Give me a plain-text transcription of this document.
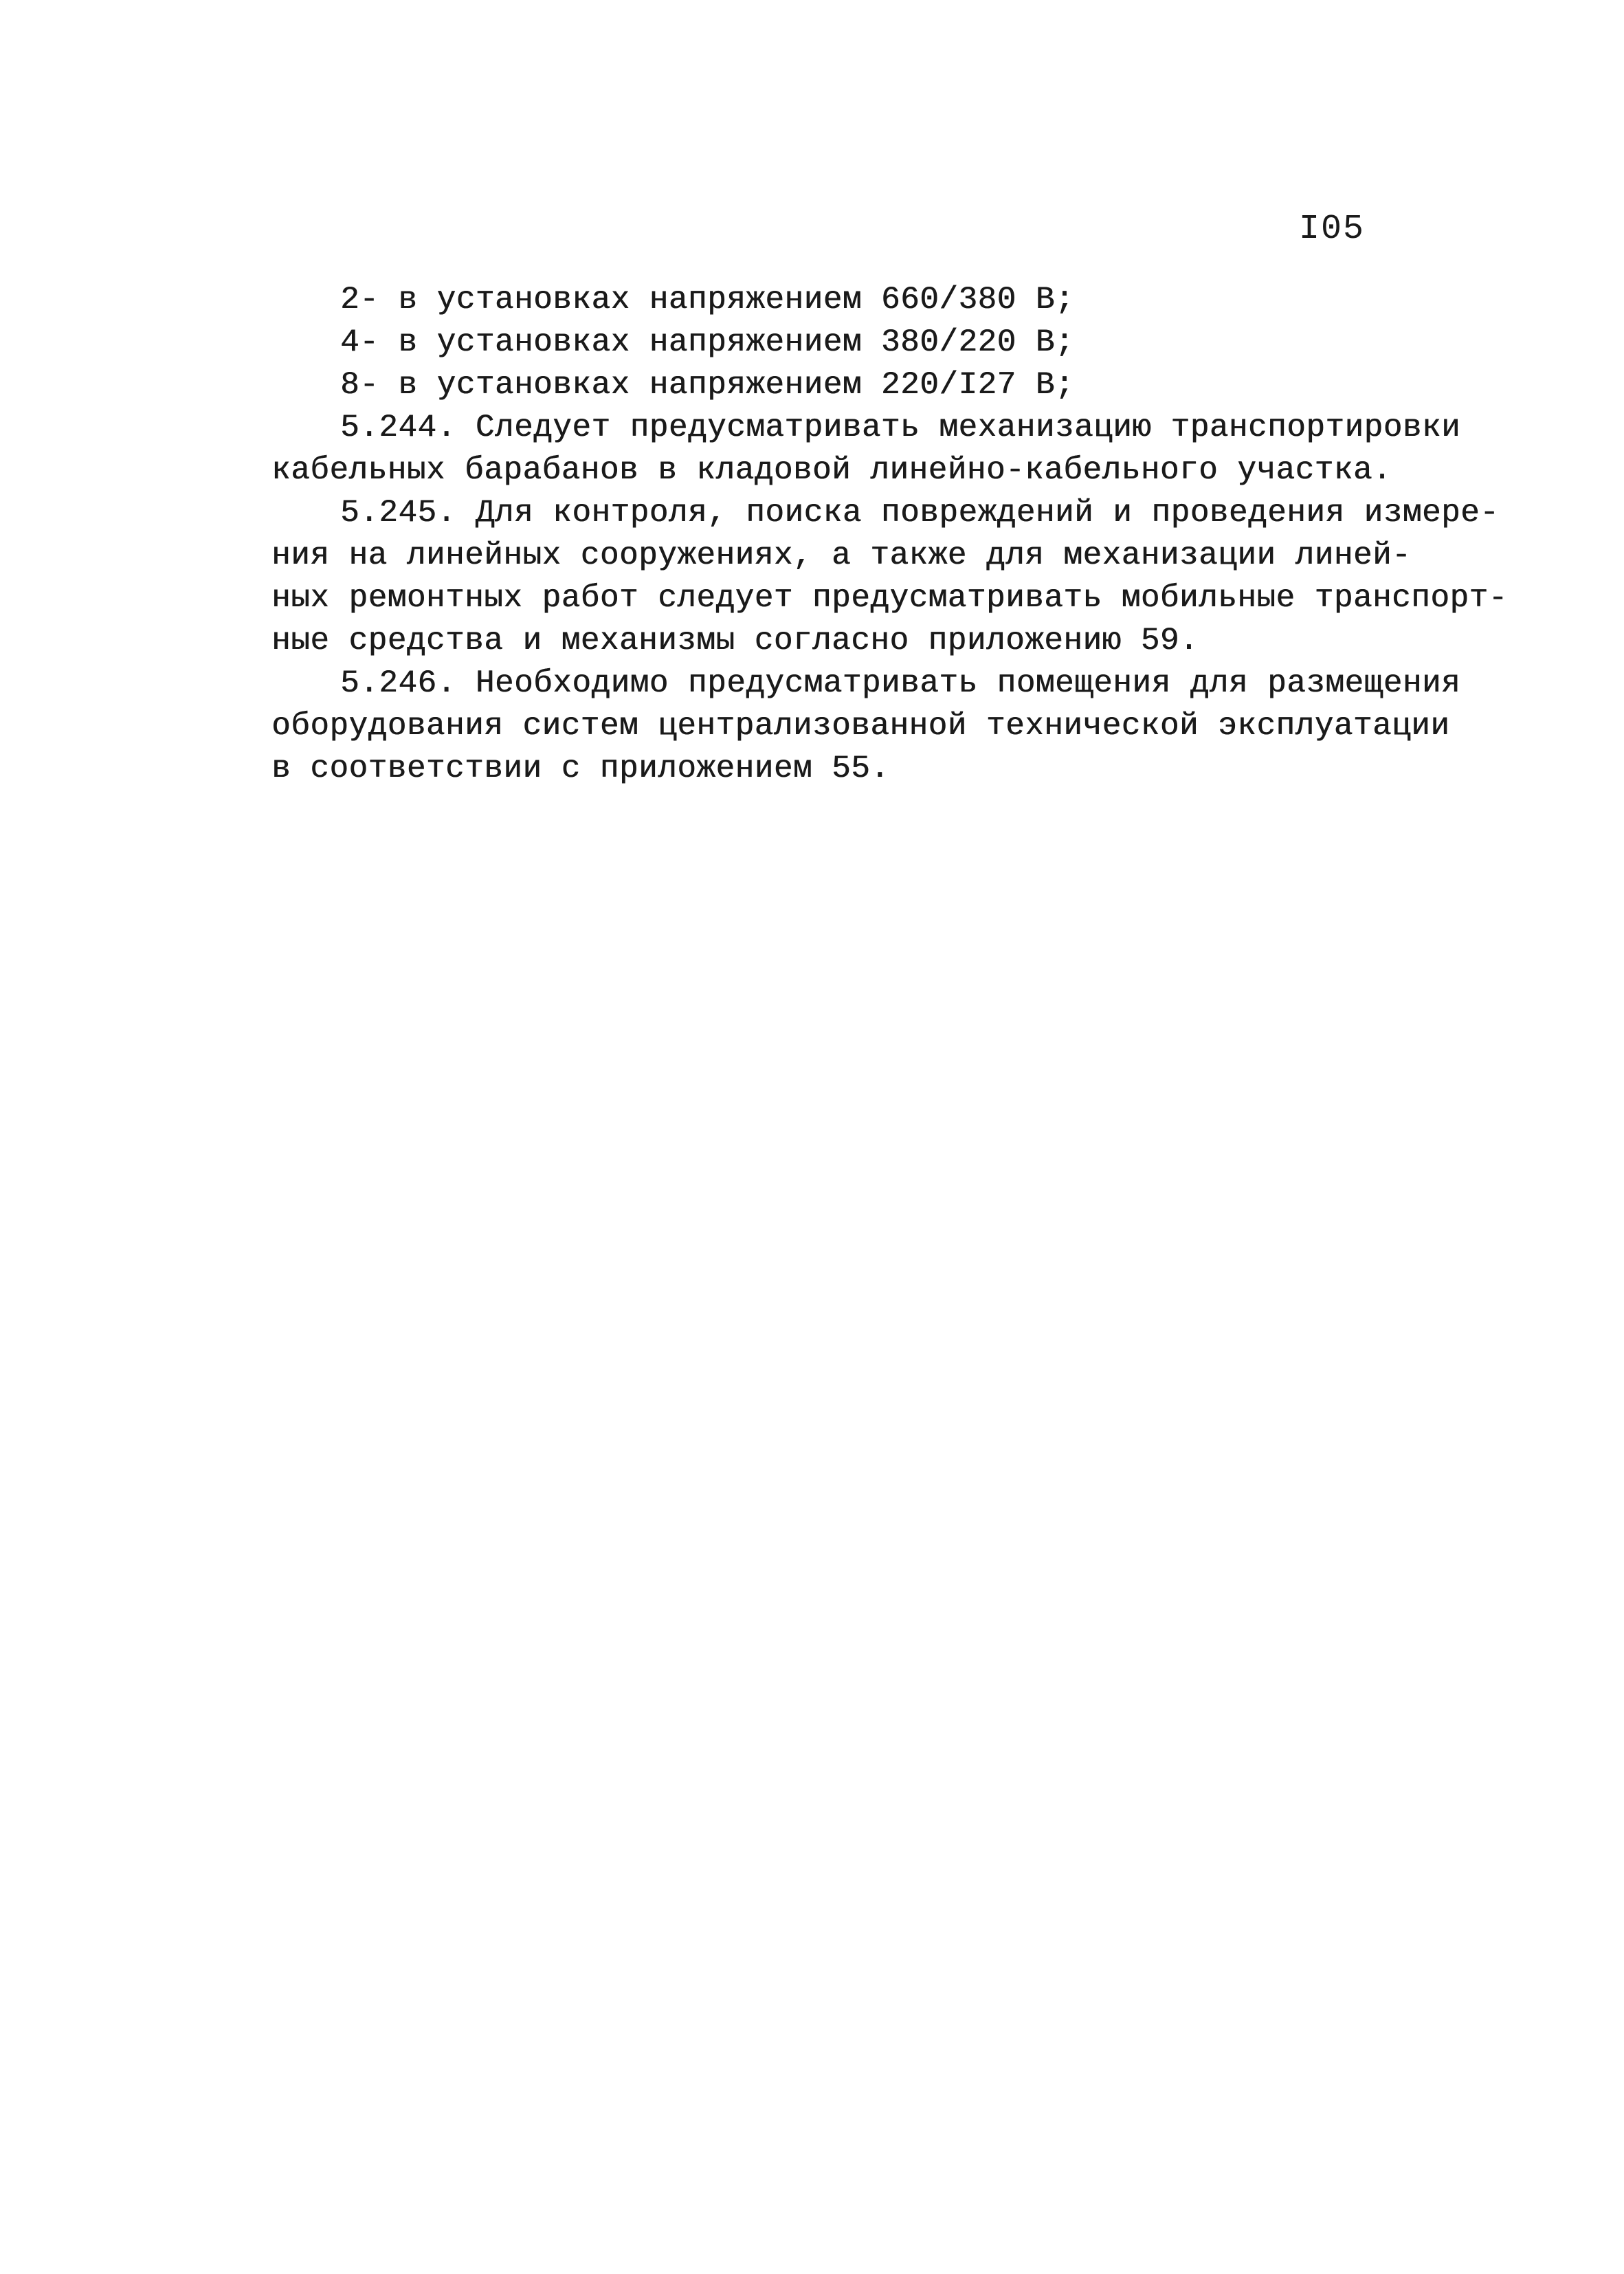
I05
2- в установках напряжением 660/380 В;
4- в установках напряжением 380/220 В;
8- в установках напряжением 220/I27 В;
5.244. Следует предусматривать механизацию транспортировки
кабельных барабанов в кладовой линейно-кабельного участка.
5.245. Для контроля, поиска повреждений и проведения измере-
ния на линейных сооружениях, а также для механизации линей-
ных ремонтных работ следует предусматривать мобильные транспорт-
ные средства и механизмы согласно приложению 59.
5.246. Необходимо предусматривать помещения для размещения
оборудования систем централизованной технической эксплуатации
в соответствии с приложением 55.
